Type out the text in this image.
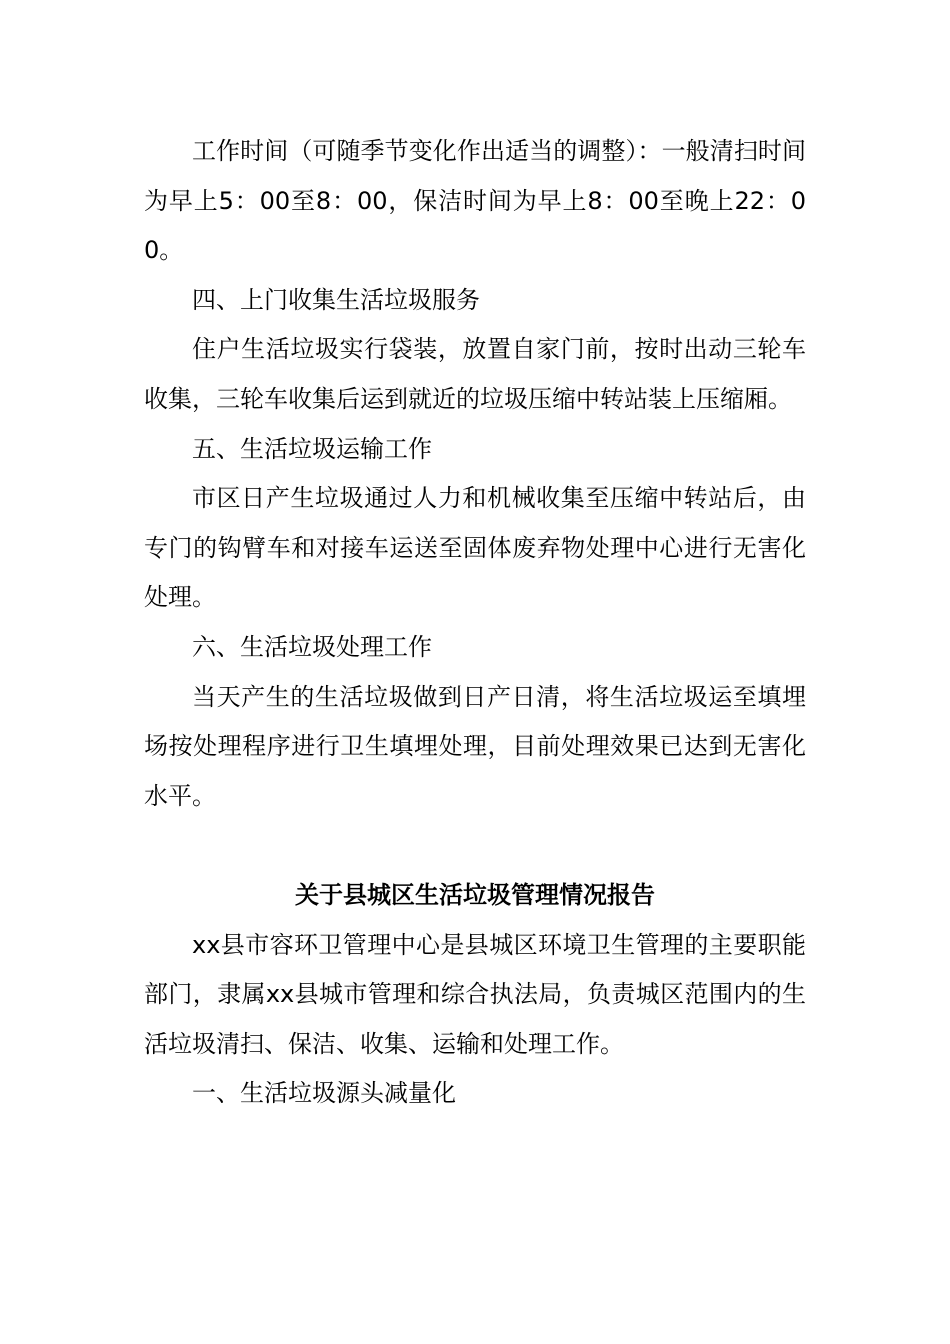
工作时间（可随季节变化作出适当的调整）：一般清扫时间为早上5：00至8：00，保洁时间为早上8：00至晚上22：00。

四、上门收集生活垃圾服务

住户生活垃圾实行袋装，放置自家门前，按时出动三轮车收集，三轮车收集后运到就近的垃圾压缩中转站装上压缩厢。

五、生活垃圾运输工作

市区日产生垃圾通过人力和机械收集至压缩中转站后，由专门的钩臂车和对接车运送至固体废弃物处理中心进行无害化处理。

六、生活垃圾处理工作

当天产生的生活垃圾做到日产日清，将生活垃圾运至填埋场按处理程序进行卫生填埋处理，目前处理效果已达到无害化水平。

关于县城区生活垃圾管理情况报告

xx县市容环卫管理中心是县城区环境卫生管理的主要职能部门，隶属xx县城市管理和综合执法局，负责城区范围内的生活垃圾清扫、保洁、收集、运输和处理工作。

一、生活垃圾源头减量化
